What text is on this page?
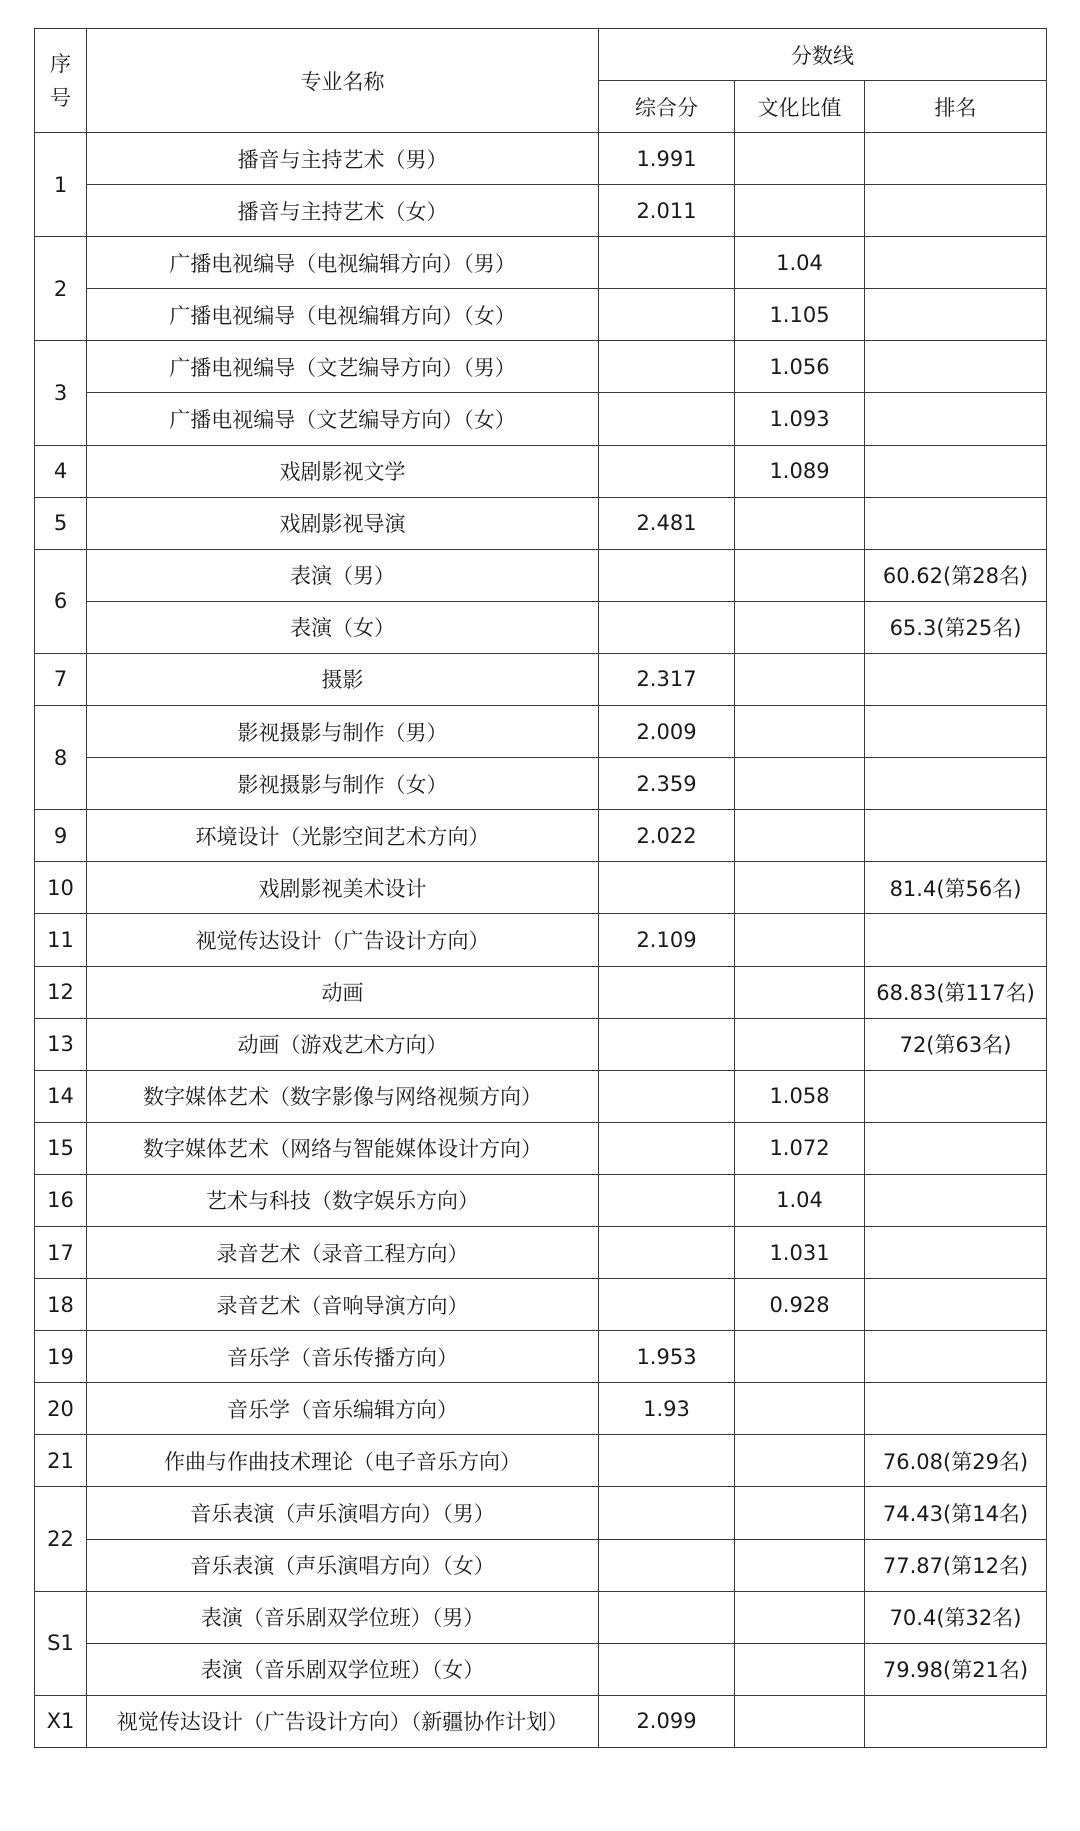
序
号	专业名称	分数线		
		综合分	文化比值	排名
1	播音与主持艺术（男）	1.991		
	播音与主持艺术（女）	2.011		
2	广播电视编导（电视编辑方向）（男）		1.04	
	广播电视编导（电视编辑方向）（女）		1.105	
3	广播电视编导（文艺编导方向）（男）		1.056	
	广播电视编导（文艺编导方向）（女）		1.093	
4	戏剧影视文学		1.089	
5	戏剧影视导演	2.481		
6	表演（男）			60.62(第28名)
	表演（女）			65.3(第25名)
7	摄影	2.317		
8	影视摄影与制作（男）	2.009		
	影视摄影与制作（女）	2.359		
9	环境设计（光影空间艺术方向）	2.022		
10	戏剧影视美术设计			81.4(第56名)
11	视觉传达设计（广告设计方向）	2.109		
12	动画			68.83(第117名)
13	动画（游戏艺术方向）			72(第63名)
14	数字媒体艺术（数字影像与网络视频方向）		1.058	
15	数字媒体艺术（网络与智能媒体设计方向）		1.072	
16	艺术与科技（数字娱乐方向）		1.04	
17	录音艺术（录音工程方向）		1.031	
18	录音艺术（音响导演方向）		0.928	
19	音乐学（音乐传播方向）	1.953		
20	音乐学（音乐编辑方向）	1.93		
21	作曲与作曲技术理论（电子音乐方向）			76.08(第29名)
22	音乐表演（声乐演唱方向）（男）			74.43(第14名)
	音乐表演（声乐演唱方向）（女）			77.87(第12名)
S1	表演（音乐剧双学位班）（男）			70.4(第32名)
	表演（音乐剧双学位班）（女）			79.98(第21名)
X1	视觉传达设计（广告设计方向）（新疆协作计划）	2.099		
